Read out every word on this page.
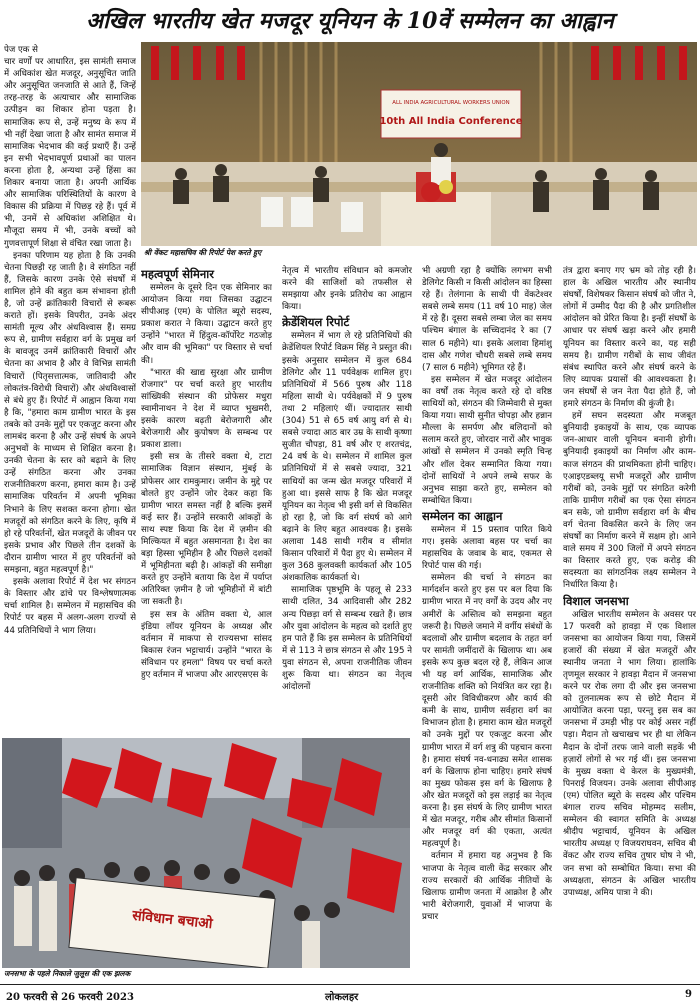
अखिल भारतीय खेत मजदूर यूनियन के 10वें सम्मेलन का आह्वान
ALL INDIA AGRICULTURAL WORKERS UNION
10th All India Conference
श्री वेंकट महासचिव की रिपोर्ट पेश करते हुए

पेज एक से

चार वर्णों पर आधारित, इस सामंती समाज में अधिकांश खेत मजदूर, अनुसूचित जाति और अनुसूचित जनजाति से आते हैं, जिन्हें तरह-तरह के अत्याचार और सामाजिक उत्पीड़न का शिकार होना पड़ता है। सामाजिक रूप से, उन्हें मनुष्य के रूप में भी नहीं देखा जाता है और सामंत समाज में सामाजिक भेदभाव की कई प्रथाएँ हैं। उन्हें इन सभी भेदभावपूर्ण प्रथाओं का पालन करना होता है, अन्यथा उन्हें हिंसा का शिकार बनाया जाता है। अपनी आर्थिक और सामाजिक परिस्थितियों के कारण वे विकास की प्रक्रिया में पिछड़ रहे हैं। पूर्व में भी, उनमें से अधिकांश अशिक्षित थे। मौजूदा समय में भी, उनके बच्चों को गुणवत्तापूर्ण शिक्षा से वंचित रखा जाता है।

इनका परिणाम यह होता है कि उनकी चेतना पिछड़ी रह जाती है। वे संगठित नहीं हैं, जिसके कारण उनके ऐसे संघर्षों में शामिल होने की बहुत कम संभावना होती है, जो उन्हें क्रांतिकारी विचारों से रूबरू कराते हों। इसके विपरीत, उनके अंदर सामंती मूल्य और अंधविश्वास हैं। समग्र रूप से, ग्रामीण सर्वहारा वर्ग के प्रमुख वर्ग के बावजूद उनमें क्रांतिकारी विचारों और चेतना का अभाव है और वे विभिन्न सामंती विचारों (पितृसत्तात्मक, जातिवादी और लोकतंत्र-विरोधी विचारों) और अंधविश्वासों से बंधे हुए हैं। रिपोर्ट में आह्वान किया गया है कि, "हमारा काम ग्रामीण भारत के इस तबके को उनके मुद्दों पर एकजुट करना और लामबंद करना है और उन्हें संघर्ष के अपने अनुभवों के माध्यम से शिक्षित करना है। उनकी चेतना के स्तर को बढ़ाने के लिए उन्हें संगठित करना और उनका राजनीतिकरण करना, हमारा काम है। उन्हें सामाजिक परिवर्तन में अपनी भूमिका निभाने के लिए सशक्त करना होगा। खेत मजदूरों को संगठित करने के लिए, कृषि में हो रहे परिवर्तनों, खेत मजदूरों के जीवन पर इसके प्रभाव और पिछले तीन दशकों के दौरान ग्रामीण भारत में हुए परिवर्तनों को समझना, बहुत महत्वपूर्ण है।"

इसके अलावा रिपोर्ट में देश भर संगठन के विस्तार और ढांचे पर विश्लेषणात्मक चर्चा शामिल है। सम्मेलन में महासचिव की रिपोर्ट पर बहस में अलग-अलग राज्यों से 44 प्रतिनिधियों ने भाग लिया।

महत्वपूर्ण सेमिनार

सम्मेलन के दूसरे दिन एक सेमिनार का आयोजन किया गया जिसका उद्घाटन सीपीआइ (एम) के पोलित ब्यूरो सदस्य, प्रकाश करात ने किया। उद्घाटन करते हुए उन्होंने "भारत में हिंदुत्व-कॉर्पोरेट गठजोड़ और वाम की भूमिका" पर विस्तार से चर्चा की।

"भारत की खाद्य सुरक्षा और ग्रामीण रोजगार" पर चर्चा करते हुए भारतीय सांख्यिकी संस्थान की प्रोफेसर मधुरा स्वामीनाथन ने देश में व्याप्त भुखमरी, इसके कारण बढ़ती बेरोजगारी और बेरोजगारी और कुपोषण के सम्बन्ध पर प्रकाश डाला।

इसी सत्र के तीसरे वक्ता थे, टाटा सामाजिक विज्ञान संस्थान, मुंबई के प्रोफेसर आर रामकुमार। जमीन के मुद्दे पर बोलते हुए उन्होंने जोर देकर कहा कि ग्रामीण भारत समस्त नहीं है बल्कि इसमें कई स्तर हैं। उन्होंने सरकारी आंकड़ों के साथ स्पष्ट किया कि देश में ज़मीन की मिल्कियत में बहुत असमानता है। देश का बड़ा हिस्सा भूमिहीन है और पिछले दशकों में भूमिहीनता बढ़ी है। आंकड़ों की समीक्षा करते हुए उन्होंने बताया कि देश में पर्याप्त अतिरिक्त ज़मीन है जो भूमिहीनों में बांटी जा सकती है।

इस सत्र के अंतिम वक्ता थे, आल इंडिया लॉयर यूनियन के अध्यक्ष और वर्तमान में माकपा से राज्यसभा सांसद बिकास रंजन भट्टाचार्य। उन्होंने "भारत के संविधान पर हमला" विषय पर चर्चा करते हुए वर्तमान में भाजपा और आरएसएस के

नेतृत्व में भारतीय संविधान को कमजोर करने की साजिशों को तफसील से समझाया और इनके प्रतिरोध का आह्वान किया।

क्रेडेंशियल रिपोर्ट

सम्मेलन में भाग ले रहे प्रतिनिधियों की क्रेडेंशियल रिपोर्ट विक्रम सिंह ने प्रस्तुत की। इसके अनुसार सम्मेलन में कुल 684 डेलिगेट और 11 पर्यवेक्षक शामिल हुए। प्रतिनिधियों में 566 पुरुष और 118 महिला साथी थे। पर्यवेक्षकों में 9 पुरुष तथा 2 महिलाएं थीं। ज्यादातर साथी (304) 51 से 65 वर्ष आयु वर्ग से थे। सबसे ज्यादा आठ बार उम्र के साथी कृष्णा सुजीत चौपड़ा, 81 वर्ष और ए शरतचंद्र, 24 वर्ष के थे। सम्मेलन में शामिल कुल प्रतिनिधियों में से सबसे ज्यादा, 321 साथियों का जन्म खेत मजदूर परिवारों में हुआ था। इससे साफ है कि खेत मजदूर यूनियन का नेतृत्व भी इसी वर्ग से विकसित हो रहा है, जो कि वर्ग संघर्ष को आगे बढ़ाने के लिए बहुत आवश्यक है। इसके अलावा 148 साथी गरीब व सीमांत किसान परिवारों में पैदा हुए थे। सम्मेलन में कुल 368 कुलवक्ती कार्यकर्ता और 105 अंशकालिक कार्यकर्ता थे।

सामाजिक पृष्ठभूमि के पहलू से 233 साथी दलित, 34 आदिवासी और 282 अन्य पिछड़ा वर्ग से सम्बन्ध रखते हैं। छात्र और युवा आंदोलन के महत्व को दर्शाते हुए हम पाते हैं कि इस सम्मेलन के प्रतिनिधियों में से 113 ने छात्र संगठन से और 195 ने युवा संगठन से, अपना राजनीतिक जीवन शुरू किया था। संगठन का नेतृत्व आंदोलनों

भी अग्रणी रहा है क्योंकि लगभग सभी डेलिगेट किसी न किसी आंदोलन का हिस्सा रहे हैं। तेलंगाना के साथी पी वेंकटेश्वर सबसे लम्बे समय (11 वर्ष 10 माह) जेल में रहे हैं। दूसरा सबसे लम्बा जेल का समय पश्चिम बंगाल के सच्चिदानंद रे का (7 साल 6 महीने) था। इसके अलावा हिमांशु दास और गणेश चौधरी सबसे लम्बे समय (7 साल 6 महीने) भूमिगत रहे हैं।

इस सम्मेलन में खेत मजदूर आंदोलन का वर्षों तक नेतृत्व करते रहे दो वरिष्ठ साथियों को, संगठन की जिम्मेवारी से मुक्त किया गया। साथी सुनीत चोपड़ा और हन्नान मौल्ला के समर्पण और बलिदानों को सलाम करते हुए, जोरदार नारों और भावुक आंखों से सम्मेलन में उनको स्मृति चिन्ह और शॉल देकर सम्मानित किया गया। दोनों साथियों ने अपने लम्बे सफर के अनुभव साझा करते हुए, सम्मेलन को सम्बोधित किया।

सम्मेलन का आह्वान

सम्मेलन में 15 प्रस्ताव पारित किये गए। इसके अलावा बहस पर चर्चा का महासचिव के जवाब के बाद, एकमत से रिपोर्ट पास की गई।

सम्मेलन की चर्चा ने संगठन का मार्गदर्शन करते हुए इस पर बल दिया कि ग्रामीण भारत में नए वर्गों के उदय और नए अमीरों के अस्तित्व को समझना बहुत जरूरी है। पिछले जमाने में वर्गीय संबंधों के बदलावों और ग्रामीण बदलाव के तहत वर्ग पर सामंती जमींदारों के खिलाफ था। अब इसके रूप कुछ बदल रहे हैं, लेकिन आज भी यह वर्ग आर्थिक, सामाजिक और राजनीतिक शक्ति को नियंत्रित कर रहा है। दूसरी ओर विविधीकरण और कार्य की कमी के साथ, ग्रामीण सर्वहारा वर्ग का विभाजन होता है। हमारा काम खेत मजदूरों को उनके मुद्दों पर एकजुट करना और ग्रामीण भारत में वर्ग शत्रु की पहचान करना है। हमारा संघर्ष नव-धनाढ्य समेत शासक वर्ग के खिलाफ होना चाहिए। हमारे संघर्ष का मुख्य फोकस इस वर्ग के खिलाफ है और खेत मजदूरों को इस लड़ाई का नेतृत्व करना है। इस संघर्ष के लिए ग्रामीण भारत में खेत मजदूर, गरीब और सीमांत किसानों और मजदूर वर्ग की एकता, अत्यंत महत्वपूर्ण है।

वर्तमान में हमारा यह अनुभव है कि भाजपा के नेतृत्व वाली केंद्र सरकार और राज्य सरकारों की आर्थिक नीतियों के खिलाफ ग्रामीण जनता में आक्रोश है और भारी बेरोजगारी, युवाओं में भाजपा के प्रचार

तंत्र द्वारा बनाए गए भ्रम को तोड़ रही है। हाल के अखिल भारतीय और स्थानीय संघर्षों, विशेषकर किसान संघर्ष को जीत ने, लोगों में उम्मीद पैदा की है और प्रगतिशील आंदोलन को प्रेरित किया है। इन्हीं संघर्षों के आधार पर संघर्ष खड़ा करने और हमारी यूनियन का विस्तार करने का, यह सही समय है। ग्रामीण गरीबों के साथ जीवंत संबंध स्थापित करने और संघर्ष करने के लिए व्यापक प्रयासों की आवश्यकता है। जन संघर्षों से जन नेता पैदा होते हैं, जो हमारे संगठन के निर्माण की कुंजी है।

हमें सघन सदस्यता और मजबूत बुनियादी इकाइयों के साथ, एक व्यापक जन-आधार वाली यूनियन बनानी होगी। बुनियादी इकाइयों का निर्माण और काम-काज संगठन की प्राथमिकता होनी चाहिए। एआइएडब्लयू सभी मजदूरों और ग्रामीण गरीबों को, उनके मुद्दों पर संगठित करेगी ताकि ग्रामीण गरीबों का एक ऐसा संगठन बन सके, जो ग्रामीण सर्वहारा वर्ग के बीच वर्ग चेतना विकसित करने के लिए जन संघर्षों का निर्माण करने में सक्षम हो। आने वाले समय में 300 जिलों में अपने संगठन का विस्तार करते हुए, एक करोड़ की सदस्यता का सांगठनिक लक्ष्य सम्मेलन ने निर्धारित किया है।

विशाल जनसभा

अखिल भारतीय सम्मेलन के अवसर पर 17 फरवरी को हावड़ा में एक विशाल जनसभा का आयोजन किया गया, जिसमें हजारों की संख्या में खेत मजदूरों और स्थानीय जनता ने भाग लिया। हालांकि तृणमूल सरकार ने हावड़ा मैदान में जनसभा करने पर रोक लगा दी और इस जनसभा को तुलनात्मक रूप से छोटे मैदान में आयोजित करना पड़ा, परन्तु इस सब का जनसभा में उमड़ी भीड़ पर कोई असर नहीं पड़ा। मैदान तो खचाखच भर ही था लेकिन मैदान के दोनों तरफ जाने वाली सड़कें भी हज़ारों लोगों से भर गई थीं। इस जनसभा के मुख्य वक्ता थे केरल के मुख्यमंत्री, पिनराई विजयन। उनके अलावा सीपीआइ (एम) पोलित ब्यूरो के सदस्य और पश्चिम बंगाल राज्य सचिव मोहम्मद सलीम, सम्मेलन की स्वागत समिति के अध्यक्ष श्रीदीप भट्टाचार्य, यूनियन के अखिल भारतीय अध्यक्ष ए विजयराघवन, सचिव बी वेंकट और राज्य सचिव तुषार घोष ने भी, जन सभा को सम्बोधित किया। सभा की अध्यक्षता, संगठन के अखिल भारतीय उपाध्यक्ष, अमिय पात्रा ने की।

संविधान बचाओ
जनसभा के पहले निकाले जुलूस की एक झलक
20 फरवरी से 26 फरवरी 2023	लोकलहर	9
